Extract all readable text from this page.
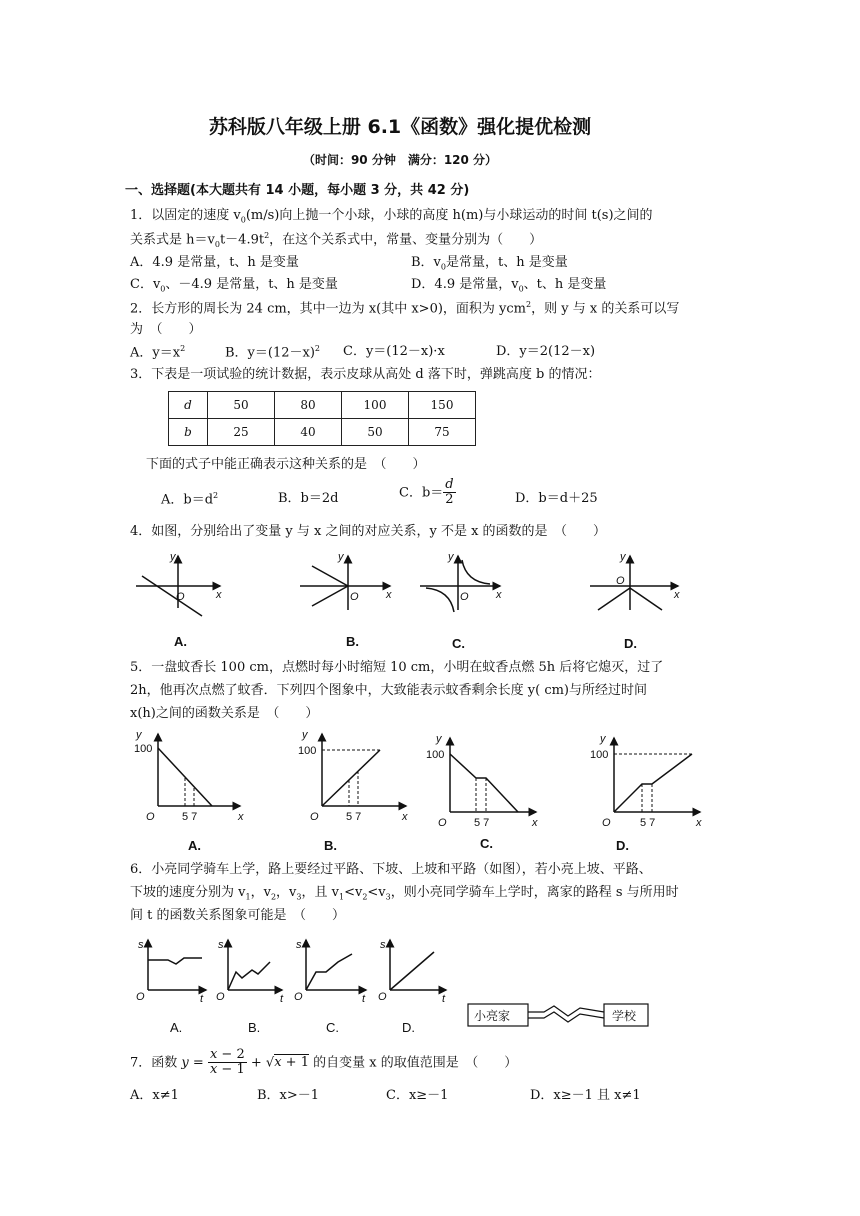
苏科版八年级上册 6.1《函数》强化提优检测
（时间：90 分钟　满分：120 分）
一、选择题(本大题共有 14 小题，每小题 3 分，共 42 分)
1．以固定的速度 $v_0(m/s)$向上抛一个小球，小球的高度 h(m)与小球运动的时间 t(s)之间的
关系式是 $h=v_0t-4.9t^2$，在这个关系式中，常量、变量分别为（　　）
A．4.9 是常量，t、h 是变量	B．$v_0$是常量，t、h 是变量
C．$v_0$、－4.9 是常量，t、h 是变量	D．4.9 是常量，$v_0$、t、h 是变量
2．长方形的周长为 24 cm，其中一边为 x(其中 x>0)，面积为 ycm$^2$，则 y 与 x 的关系可以写
为　（　　）
A．$y=x^2$	B．$y=(12-x)^2$ C．y＝(12－x)·x	D．y＝2(12－x)
3．下表是一项试验的统计数据，表示皮球从高处 d 落下时，弹跳高度 b 的情况：
d	50	80	100	150
b	25	40	50	75
下面的式子中能正确表示这种关系的是　（　　）
A．$b=d^2$	B．b＝2d	C．$b= \frac{d}{2}$	D．b＝d＋25
4．如图，分别给出了变量 y 与 x 之间的对应关系，y 不是 x 的函数的是　（　　）
y
x
O
y
x
O
y
x
O
y
x
O
A.	B.	C.	D.
5．一盘蚊香长 100 cm，点燃时每小时缩短 10 cm，小明在蚊香点燃 5h 后将它熄灭，过了
2h，他再次点燃了蚊香．下列四个图象中，大致能表示蚊香剩余长度 y( cm)与所经过时间
x(h)之间的函数关系是　（　　）
100
O 5 7	x
y
100
O 5 7	x
y
100
O 5 7	x
y
100
O	5 7	x
y
A.	B.	C.	D.
6．小亮同学骑车上学，路上要经过平路、下坡、上坡和平路（如图），若小亮上坡、平路、
下坡的速度分别为 $v_1$，$v_2$，$v_3$，且 $v_1<v_2<v_3$，则小亮同学骑车上学时，离家的路程 s 与所用时
间 t 的函数关系图象可能是　（　　）
s
O	t
s
O	t
s
O	t
s
O	t
A.	B.	C.	D.
小亮家	学校
7．函数 $y = \frac{x - 2}{x - 1} + √x + 1$ 的自变量 x 的取值范围是　（　　）
A．x≠1	B．x>－1	C．x≥－1	D．x≥－1 且 x≠1
